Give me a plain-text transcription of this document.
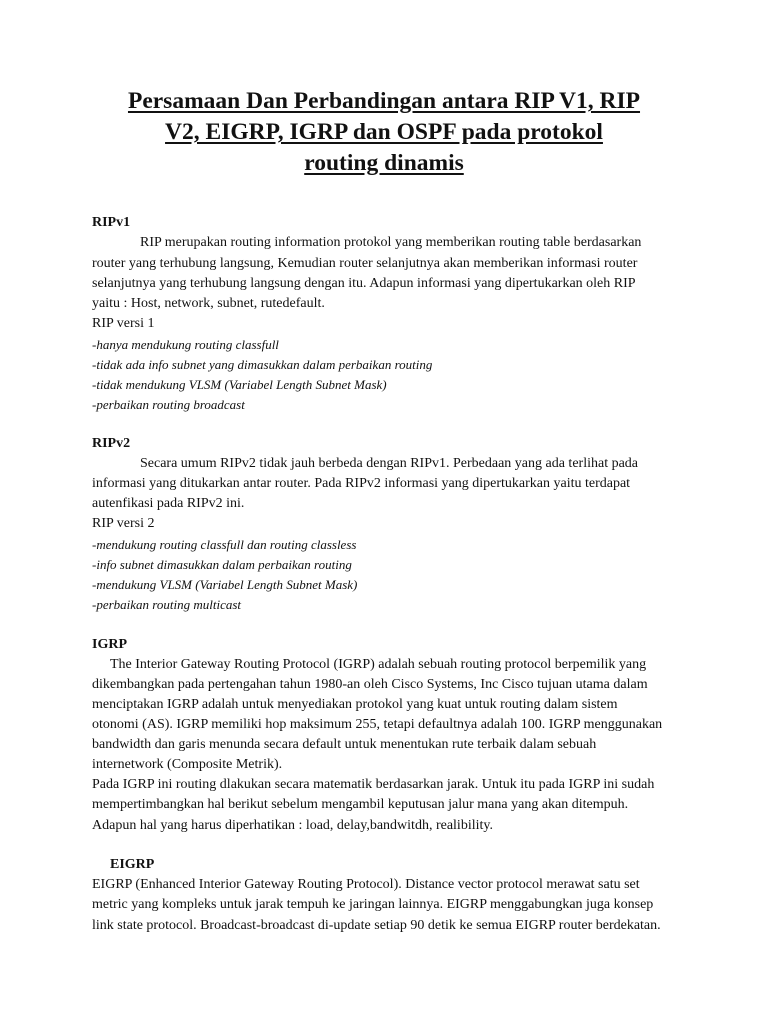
Persamaan Dan Perbandingan antara RIP V1, RIP
V2, EIGRP, IGRP dan OSPF pada protokol
routing dinamis

RIPv1

RIP merupakan routing information protokol yang memberikan routing table berdasarkan

router yang terhubung langsung, Kemudian router selanjutnya akan memberikan informasi router

selanjutnya yang terhubung langsung dengan itu. Adapun informasi yang dipertukarkan oleh RIP

yaitu : Host, network, subnet, rutedefault.

RIP versi 1

-hanya mendukung routing classfull

-tidak ada info subnet yang dimasukkan dalam perbaikan routing

-tidak mendukung VLSM (Variabel Length Subnet Mask)

-perbaikan routing broadcast

RIPv2

Secara umum RIPv2 tidak jauh berbeda dengan RIPv1. Perbedaan yang ada terlihat pada

informasi yang ditukarkan antar router. Pada RIPv2 informasi yang dipertukarkan yaitu terdapat

autenfikasi pada RIPv2 ini.

RIP versi 2

-mendukung routing classfull dan routing classless

-info subnet dimasukkan dalam perbaikan routing

-mendukung VLSM (Variabel Length Subnet Mask)

-perbaikan routing multicast

IGRP

The Interior Gateway Routing Protocol (IGRP) adalah sebuah routing protocol berpemilik yang

dikembangkan pada pertengahan tahun 1980-an oleh Cisco Systems, Inc Cisco tujuan utama dalam

menciptakan IGRP adalah untuk menyediakan protokol yang kuat untuk routing dalam sistem

otonomi (AS). IGRP memiliki hop maksimum 255, tetapi defaultnya adalah 100. IGRP menggunakan

bandwidth dan garis menunda secara default untuk menentukan rute terbaik dalam sebuah

internetwork (Composite Metrik).

Pada IGRP ini routing dlakukan secara matematik berdasarkan jarak. Untuk itu pada IGRP ini sudah

mempertimbangkan hal berikut sebelum mengambil keputusan jalur mana yang akan ditempuh.

Adapun hal yang harus diperhatikan : load, delay,bandwitdh, realibility.

EIGRP

EIGRP (Enhanced Interior Gateway Routing Protocol). Distance vector protocol merawat satu set

metric yang kompleks untuk jarak tempuh ke jaringan lainnya. EIGRP menggabungkan juga konsep

link state protocol. Broadcast-broadcast di-update setiap 90 detik ke semua EIGRP router berdekatan.
